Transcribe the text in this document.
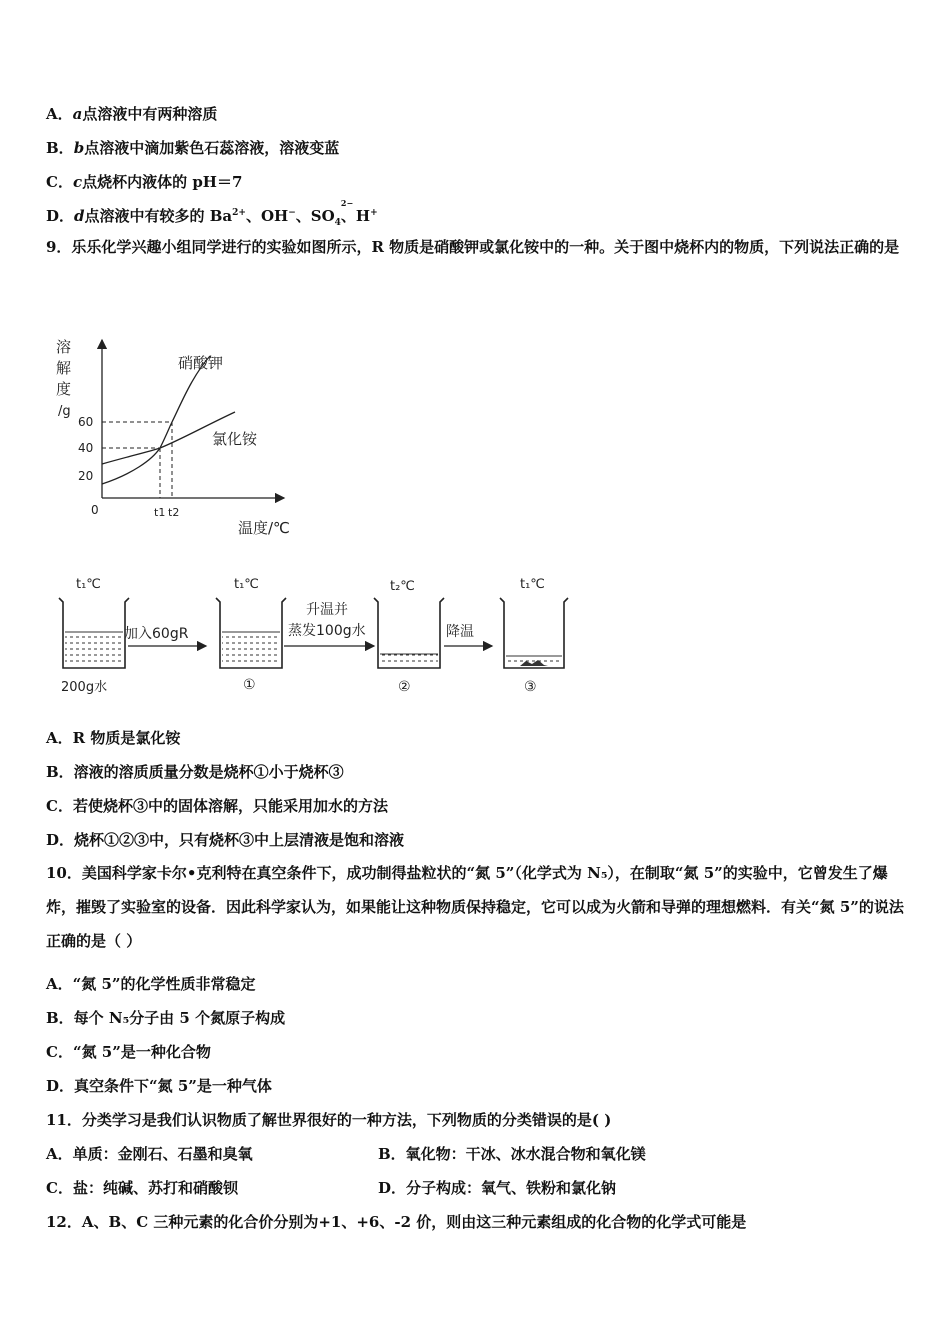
A．a点溶液中有两种溶质
B．b点溶液中滴加紫色石蕊溶液，溶液变蓝
C．c点烧杯内液体的 pH＝7
D．d点溶液中有较多的 $Ba^{2+}$、OH−、$SO_4$
2−
、H+
9．乐乐化学兴趣小组同学进行的实验如图所示，R 物质是硝酸钾或氯化铵中的一种。关于图中烧杯内的物质，下列说法正确的是
溶
解
度
/g
0
20
40
60
t1 t2
硝酸钾
氯化铵
温度/℃
t₁℃
200g水
加入60gR
t₁℃
①
升温并
蒸发100g水
t₂℃
②
降温
t₁℃
③
A．R 物质是氯化铵
B．溶液的溶质质量分数是烧杯①小于烧杯③
C．若使烧杯③中的固体溶解，只能采用加水的方法
D．烧杯①②③中，只有烧杯③中上层清液是饱和溶液
10．美国科学家卡尔•克利特在真空条件下，成功制得盐粒状的“氮 5”（化学式为 N₅），在制取“氮 5”的实验中，它曾发生了爆炸，摧毁了实验室的设备．因此科学家认为，如果能让这种物质保持稳定，它可以成为火箭和导弹的理想燃料．有关“氮 5”的说法正确的是（ ）
A．“氮 5”的化学性质非常稳定
B．每个 N₅分子由 5 个氮原子构成
C．“氮 5”是一种化合物
D．真空条件下“氮 5”是一种气体
11．分类学习是我们认识物质了解世界很好的一种方法，下列物质的分类错误的是( )
A．单质：金刚石、石墨和臭氧	B．氧化物：干冰、冰水混合物和氧化镁
C．盐：纯碱、苏打和硝酸钡	D．分子构成：氧气、铁粉和氯化钠
12．A、B、C 三种元素的化合价分别为+1、+6、-2 价，则由这三种元素组成的化合物的化学式可能是
